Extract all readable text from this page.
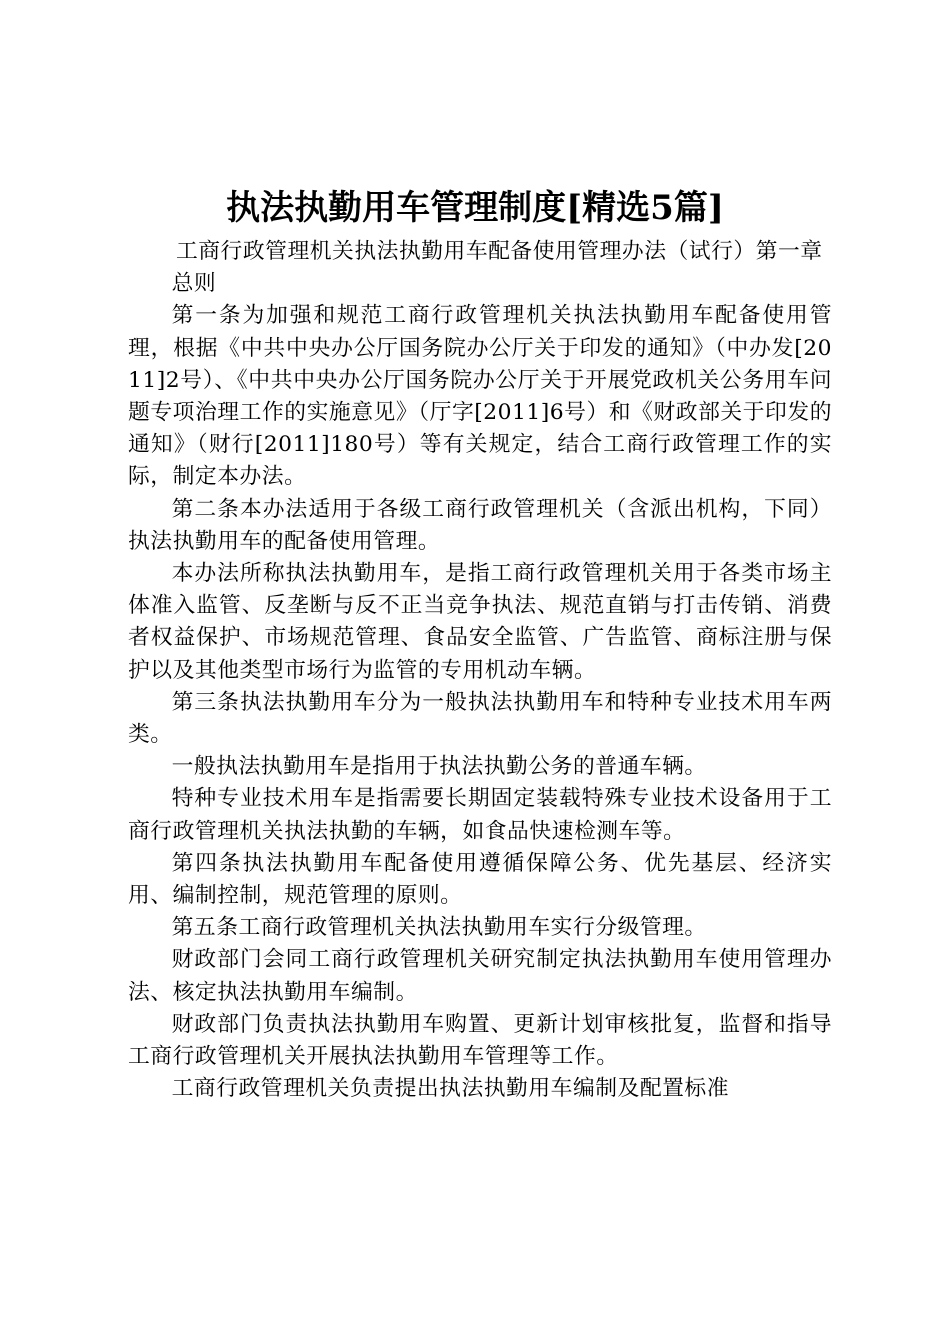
执法执勤用车管理制度[精选5篇]

工商行政管理机关执法执勤用车配备使用管理办法（试行）第一章

总则

第一条为加强和规范工商行政管理机关执法执勤用车配备使用管理，根据《中共中央办公厅国务院办公厅关于印发的通知》（中办发[2011]2号）、《中共中央办公厅国务院办公厅关于开展党政机关公务用车问题专项治理工作的实施意见》（厅字[2011]6号）和《财政部关于印发的通知》（财行[2011]180号）等有关规定，结合工商行政管理工作的实际，制定本办法。

第二条本办法适用于各级工商行政管理机关（含派出机构，下同）执法执勤用车的配备使用管理。

本办法所称执法执勤用车，是指工商行政管理机关用于各类市场主体准入监管、反垄断与反不正当竞争执法、规范直销与打击传销、消费者权益保护、市场规范管理、食品安全监管、广告监管、商标注册与保护以及其他类型市场行为监管的专用机动车辆。

第三条执法执勤用车分为一般执法执勤用车和特种专业技术用车两类。

一般执法执勤用车是指用于执法执勤公务的普通车辆。

特种专业技术用车是指需要长期固定装载特殊专业技术设备用于工商行政管理机关执法执勤的车辆，如食品快速检测车等。

第四条执法执勤用车配备使用遵循保障公务、优先基层、经济实用、编制控制，规范管理的原则。

第五条工商行政管理机关执法执勤用车实行分级管理。

财政部门会同工商行政管理机关研究制定执法执勤用车使用管理办法、核定执法执勤用车编制。

财政部门负责执法执勤用车购置、更新计划审核批复，监督和指导工商行政管理机关开展执法执勤用车管理等工作。

工商行政管理机关负责提出执法执勤用车编制及配置标准
